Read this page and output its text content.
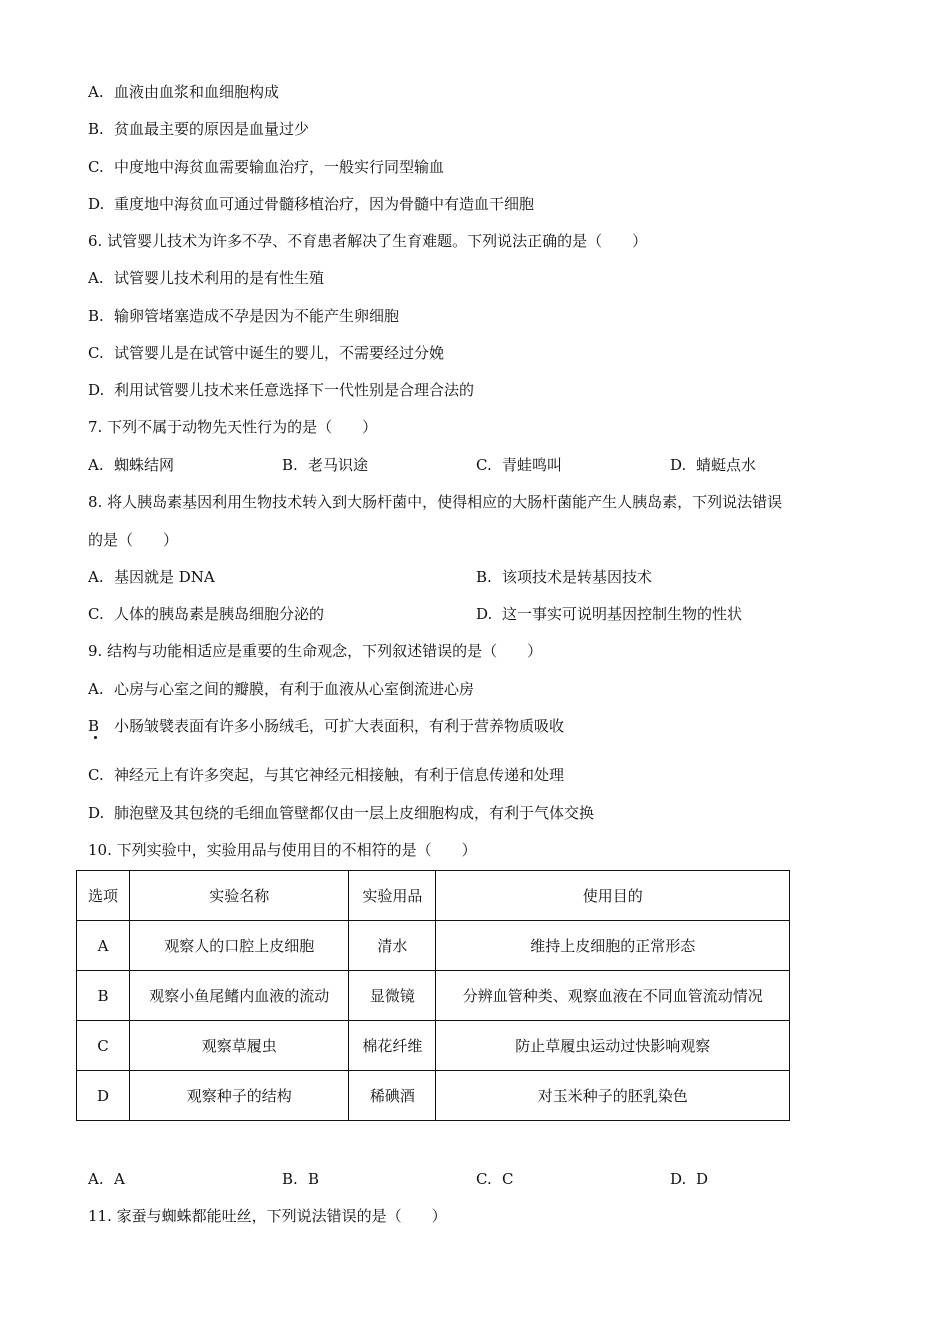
A. 血液由血浆和血细胞构成
B. 贫血最主要的原因是血量过少
C. 中度地中海贫血需要输血治疗，一般实行同型输血
D. 重度地中海贫血可通过骨髓移植治疗，因为骨髓中有造血干细胞
6. 试管婴儿技术为许多不孕、不育患者解决了生育难题。下列说法正确的是（　　）
A. 试管婴儿技术利用的是有性生殖
B. 输卵管堵塞造成不孕是因为不能产生卵细胞
C. 试管婴儿是在试管中诞生的婴儿，不需要经过分娩
D. 利用试管婴儿技术来任意选择下一代性别是合理合法的
7. 下列不属于动物先天性行为的是（　　）
A. 蜘蛛结网	B. 老马识途	C. 青蛙鸣叫	D. 蜻蜓点水
8. 将人胰岛素基因利用生物技术转入到大肠杆菌中，使得相应的大肠杆菌能产生人胰岛素，下列说法错误
的是（　　）
A. 基因就是 DNA	B. 该项技术是转基因技术
C. 人体的胰岛素是胰岛细胞分泌的	D. 这一事实可说明基因控制生物的性状
9. 结构与功能相适应是重要的生命观念，下列叙述错误的是（　　）
A. 心房与心室之间的瓣膜，有利于血液从心室倒流进心房
B 小肠皱襞表面有许多小肠绒毛，可扩大表面积，有利于营养物质吸收
C. 神经元上有许多突起，与其它神经元相接触，有利于信息传递和处理
D. 肺泡壁及其包绕的毛细血管壁都仅由一层上皮细胞构成，有利于气体交换
10. 下列实验中，实验用品与使用目的不相符的是（　　）
选项	实验名称	实验用品	使用目的
A	观察人的口腔上皮细胞	清水	维持上皮细胞的正常形态
B	观察小鱼尾鳍内血液的流动	显微镜	分辨血管种类、观察血液在不同血管流动情况
C	观察草履虫	棉花纤维	防止草履虫运动过快影响观察
D	观察种子的结构	稀碘酒	对玉米种子的胚乳染色
A. A	B. B	C. C	D. D
11. 家蚕与蜘蛛都能吐丝，下列说法错误的是（　　）
